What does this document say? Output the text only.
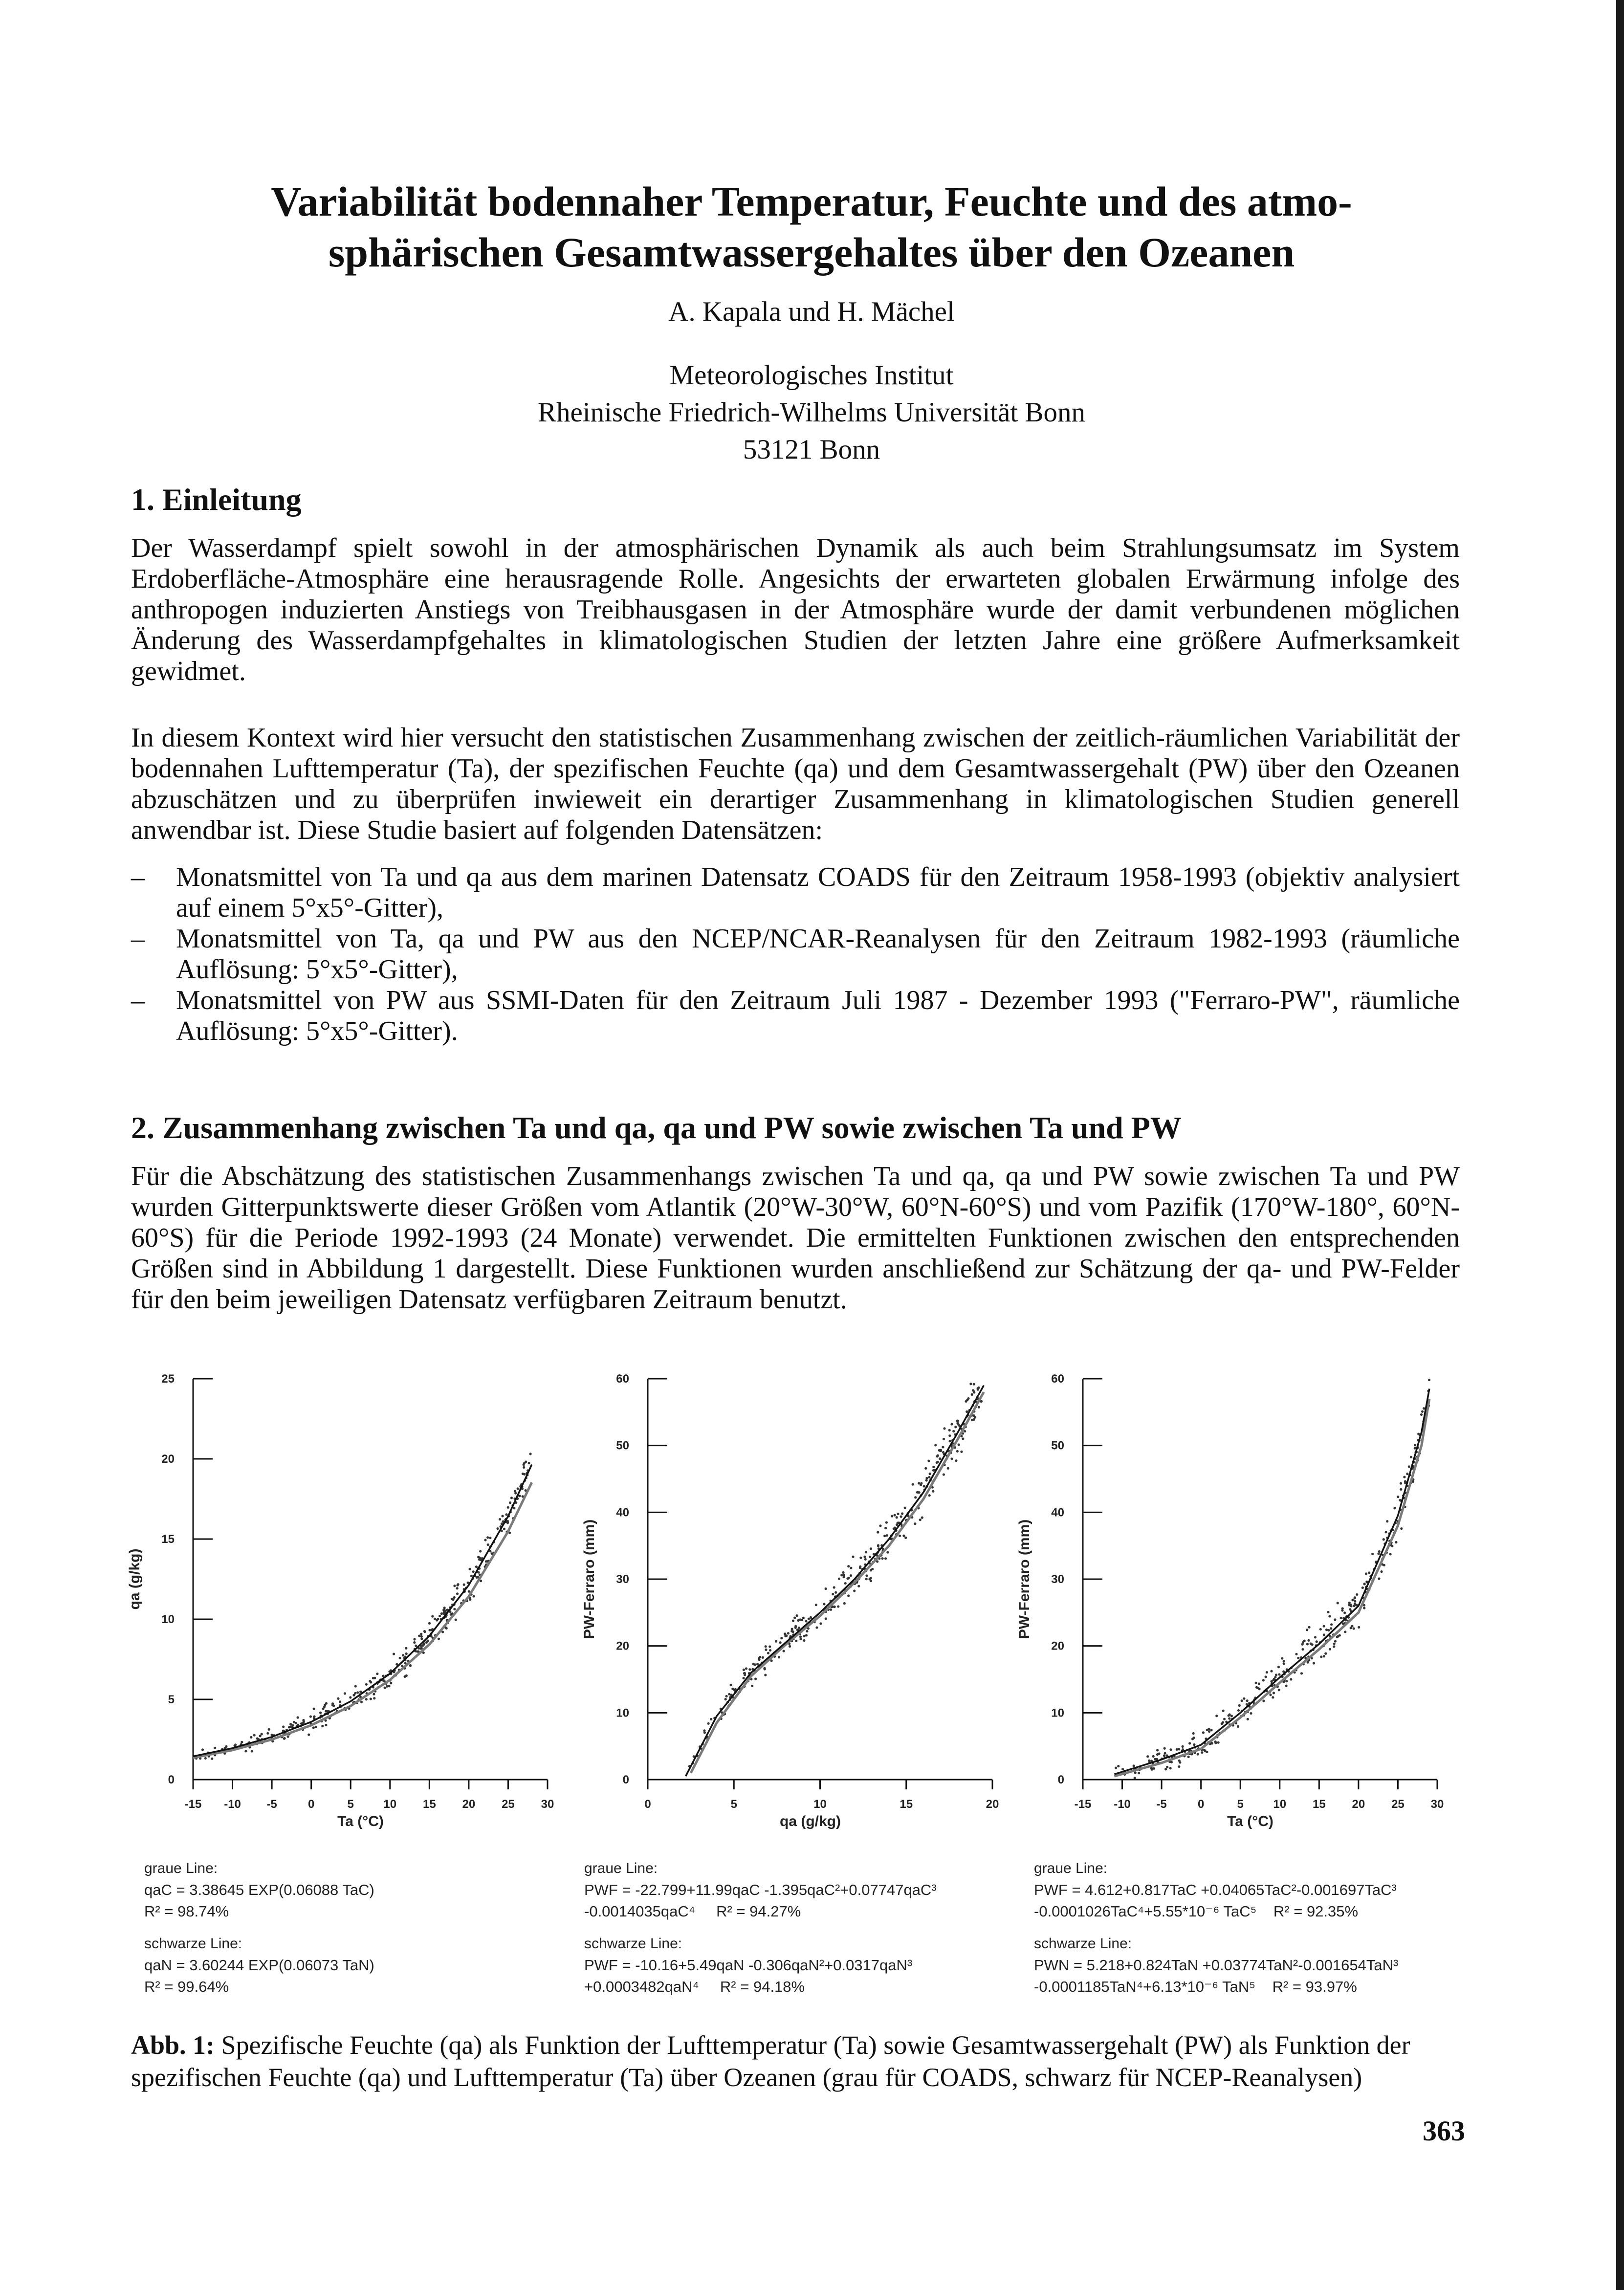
Variabilität bodennaher Temperatur, Feuchte und des atmo-
sphärischen Gesamtwassergehaltes über den Ozeanen
A. Kapala und H. Mächel
Meteorologisches Institut
Rheinische Friedrich-Wilhelms Universität Bonn
53121 Bonn
1. Einleitung
Der Wasserdampf spielt sowohl in der atmosphärischen Dynamik als auch beim Strahlungsumsatz im System Erdoberfläche-Atmosphäre eine herausragende Rolle. Angesichts der erwarteten globalen Erwärmung infolge des anthropogen induzierten Anstiegs von Treibhausgasen in der Atmosphäre wurde der damit verbundenen möglichen Änderung des Wasserdampfgehaltes in klimatologischen Studien der letzten Jahre eine größere Aufmerksamkeit gewidmet.
In diesem Kontext wird hier versucht den statistischen Zusammenhang zwischen der zeitlich-räumlichen Variabilität der bodennahen Lufttemperatur (Ta), der spezifischen Feuchte (qa) und dem Gesamtwassergehalt (PW) über den Ozeanen abzuschätzen und zu überprüfen inwieweit ein derartiger Zusammenhang in klimatologischen Studien generell anwendbar ist. Diese Studie basiert auf folgenden Datensätzen:
– Monatsmittel von Ta und qa aus dem marinen Datensatz COADS für den Zeitraum 1958-1993 (objektiv analysiert auf einem 5°x5°-Gitter),
– Monatsmittel von Ta, qa und PW aus den NCEP/NCAR-Reanalysen für den Zeitraum 1982-1993 (räumliche Auflösung: 5°x5°-Gitter),
– Monatsmittel von PW aus SSMI-Daten für den Zeitraum Juli 1987 - Dezember 1993 ("Ferraro-PW", räumliche Auflösung: 5°x5°-Gitter).
2. Zusammenhang zwischen Ta und qa, qa und PW sowie zwischen Ta und PW
Für die Abschätzung des statistischen Zusammenhangs zwischen Ta und qa, qa und PW sowie zwischen Ta und PW wurden Gitterpunktswerte dieser Größen vom Atlantik (20°W-30°W, 60°N-60°S) und vom Pazifik (170°W-180°, 60°N-60°S) für die Periode 1992-1993 (24 Monate) verwendet. Die ermittelten Funktionen zwischen den entsprechenden Größen sind in Abbildung 1 dargestellt. Diese Funktionen wurden anschließend zur Schätzung der qa- und PW-Felder für den beim jeweiligen Datensatz verfügbaren Zeitraum benutzt.
0
5
10
15
20
25
-15 -10 -5	0	5	10 15 20 25 30
Ta (°C)
qa (g/kg)
0
10
20
30
40
50
60
0	5	10	15	20
qa (g/kg)
PW-Ferraro (mm)
0
10
20
30
40
50
60
-15 -10 -5	0	5	10 15 20 25 30
Ta (°C)
PW-Ferraro (mm)
graue Line:
qaC = 3.38645 EXP(0.06088 TaC)
R² = 98.74%
schwarze Line:
qaN = 3.60244 EXP(0.06073 TaN)
R² = 99.64%
graue Line:
PWF = -22.799+11.99qaC -1.395qaC²+0.07747qaC³
-0.0014035qaC⁴ R² = 94.27%
schwarze Line:
PWF = -10.16+5.49qaN -0.306qaN²+0.0317qaN³
+0.0003482qaN⁴ R² = 94.18%
graue Line:
PWF = 4.612+0.817TaC +0.04065TaC²-0.001697TaC³
-0.0001026TaC⁴+5.55*10⁻⁶ TaC⁵ R² = 92.35%
schwarze Line:
PWN = 5.218+0.824TaN +0.03774TaN²-0.001654TaN³
-0.0001185TaN⁴+6.13*10⁻⁶ TaN⁵ R² = 93.97%
Abb. 1: Spezifische Feuchte (qa) als Funktion der Lufttemperatur (Ta) sowie Gesamtwassergehalt (PW) als Funktion der spezifischen Feuchte (qa) und Lufttemperatur (Ta) über Ozeanen (grau für COADS, schwarz für NCEP-Reanalysen)
363
